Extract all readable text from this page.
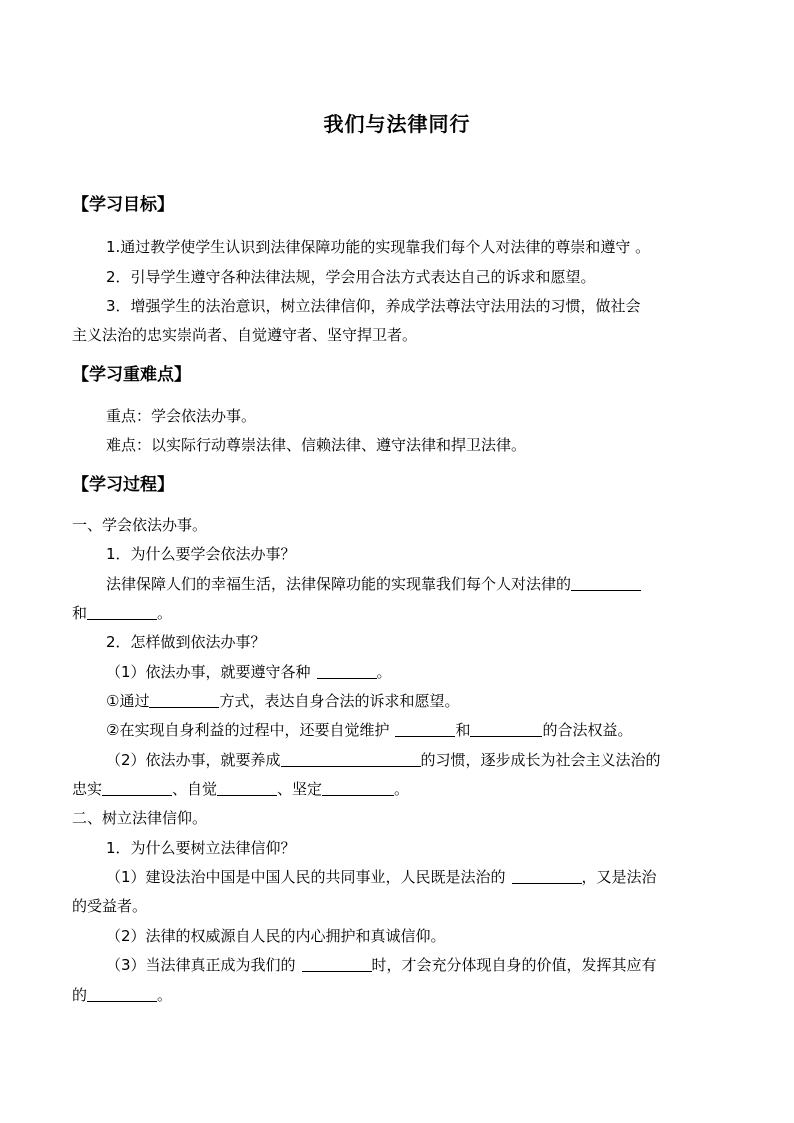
我们与法律同行
【学习目标】
1.通过教学使学生认识到法律保障功能的实现靠我们每个人对法律的尊崇和遵守 。
2．引导学生遵守各种法律法规，学会用合法方式表达自己的诉求和愿望。
3．增强学生的法治意识，树立法律信仰，养成学法尊法守法用法的习惯，做社会
主义法治的忠实崇尚者、自觉遵守者、坚守捍卫者。
【学习重难点】
重点：学会依法办事。
难点：以实际行动尊崇法律、信赖法律、遵守法律和捍卫法律。
【学习过程】
一、学会依法办事。
1．为什么要学会依法办事？
法律保障人们的幸福生活，法律保障功能的实现靠我们每个人对法律的
和	。
2．怎样做到依法办事？
（1）依法办事，就要遵守各种	。
①通过	方式，表达自身合法的诉求和愿望。
②在实现自身利益的过程中，还要自觉维护	和	的合法权益。
（2）依法办事，就要养成	的习惯，逐步成长为社会主义法治的
忠实	、自觉	、坚定	。
二、树立法律信仰。
1．为什么要树立法律信仰？
（1）建设法治中国是中国人民的共同事业，人民既是法治的	，又是法治
的受益者。
（2）法律的权威源自人民的内心拥护和真诚信仰。
（3）当法律真正成为我们的	时，才会充分体现自身的价值，发挥其应有
的	。
